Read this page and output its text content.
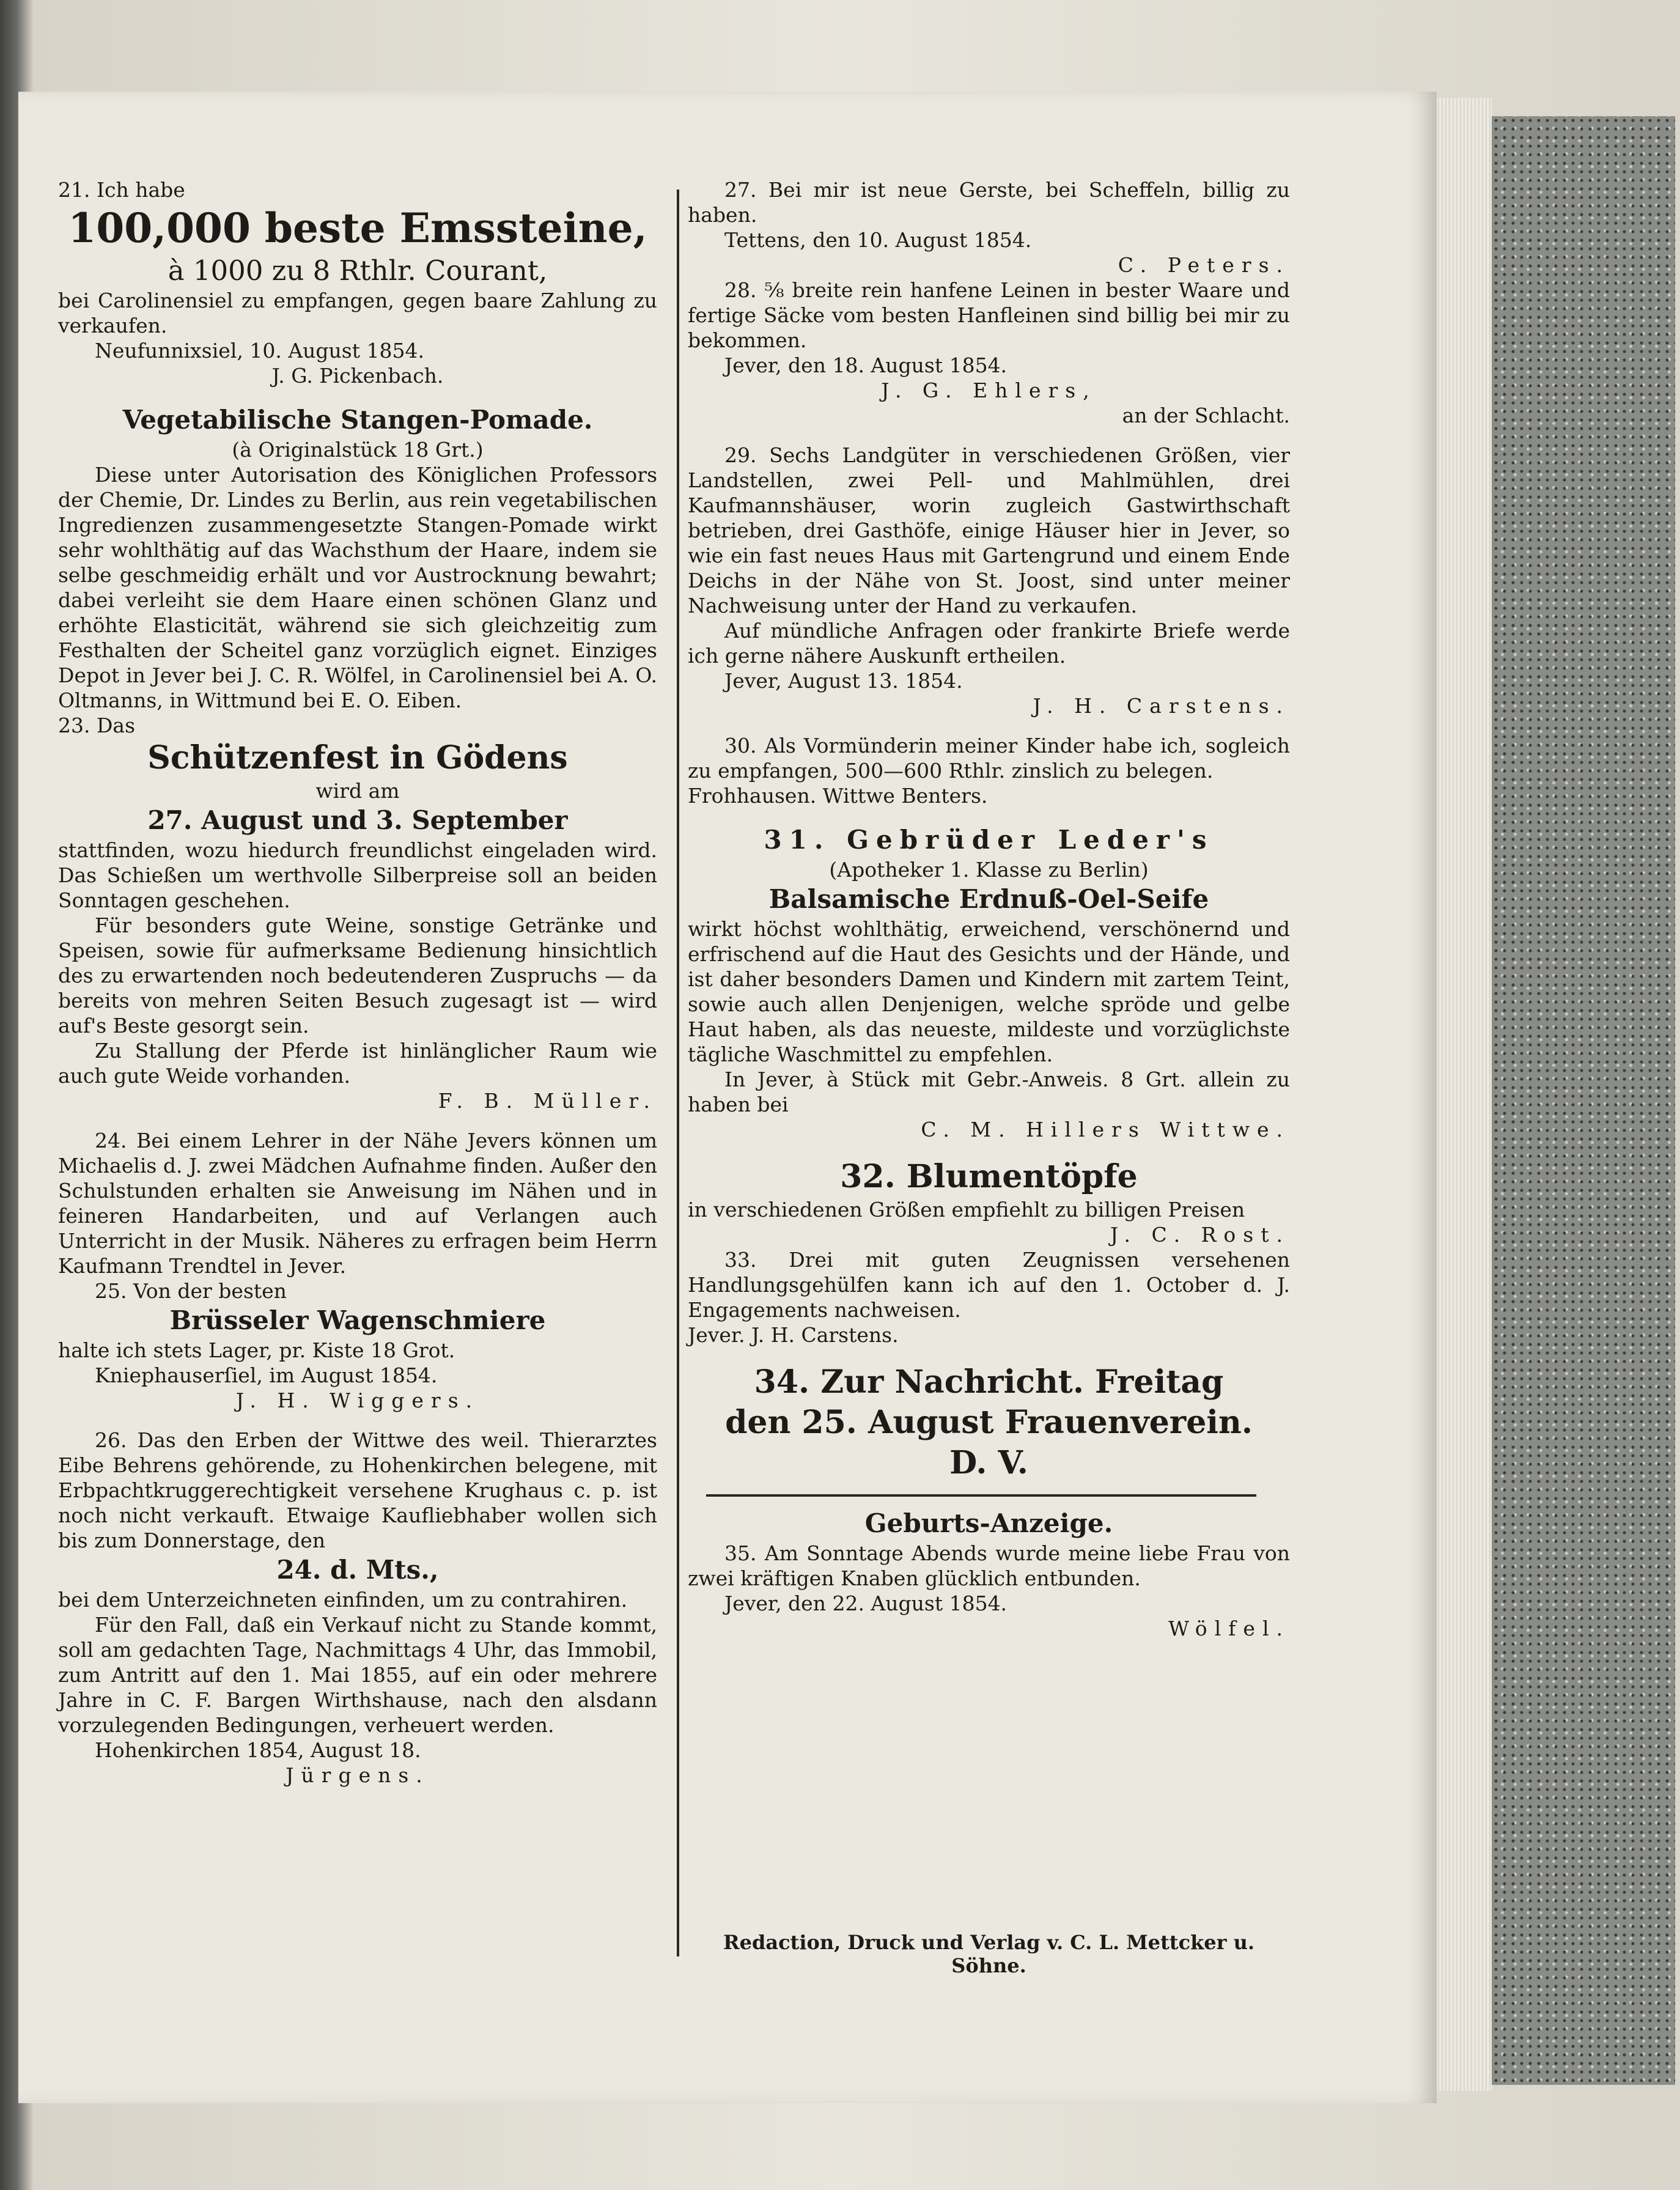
21. Ich habe
100,000 beste Emssteine,
à 1000 zu 8 Rthlr. Courant,
bei Carolinensiel zu empfangen, gegen baare Zahlung zu verkaufen.
Neufunnixsiel, 10. August 1854.
J. G. Pickenbach.
Vegetabilische Stangen-Pomade.
(à Originalstück 18 Grt.)
Diese unter Autorisation des Königlichen Professors der Chemie, Dr. Lindes zu Berlin, aus rein vegetabilischen Ingredienzen zusammengesetzte Stangen-Pomade wirkt sehr wohlthätig auf das Wachsthum der Haare, indem sie selbe geschmeidig erhält und vor Austrocknung bewahrt; dabei verleiht sie dem Haare einen schönen Glanz und erhöhte Elasticität, während sie sich gleichzeitig zum Festhalten der Scheitel ganz vorzüglich eignet. Einziges Depot in Jever bei J. C. R. Wölfel, in Carolinensiel bei A. O. Oltmanns, in Wittmund bei E. O. Eiben.
23. Das
Schützenfest in Gödens
wird am
27. August und 3. September
stattfinden, wozu hiedurch freundlichst eingeladen wird. Das Schießen um werthvolle Silberpreise soll an beiden Sonntagen geschehen.
Für besonders gute Weine, sonstige Getränke und Speisen, sowie für aufmerksame Bedienung hinsichtlich des zu erwartenden noch bedeutenderen Zuspruchs — da bereits von mehren Seiten Besuch zugesagt ist — wird auf's Beste gesorgt sein.
Zu Stallung der Pferde ist hinlänglicher Raum wie auch gute Weide vorhanden.
F. B. Müller.
24. Bei einem Lehrer in der Nähe Jevers können um Michaelis d. J. zwei Mädchen Aufnahme finden. Außer den Schulstunden erhalten sie Anweisung im Nähen und in feineren Handarbeiten, und auf Verlangen auch Unterricht in der Musik. Näheres zu erfragen beim Herrn Kaufmann Trendtel in Jever.
25. Von der besten
Brüsseler Wagenschmiere
halte ich stets Lager, pr. Kiste 18 Grot.
Kniephauserſiel, im August 1854.
J. H. Wiggers.
26. Das den Erben der Wittwe des weil. Thierarztes Eibe Behrens gehörende, zu Hohenkirchen belegene, mit Erbpachtkruggerechtigkeit versehene Krughaus c. p. ist noch nicht verkauft. Etwaige Kaufliebhaber wollen sich bis zum Donnerstage, den
24. d. Mts.,
bei dem Unterzeichneten einfinden, um zu contrahiren.
Für den Fall, daß ein Verkauf nicht zu Stande kommt, soll am gedachten Tage, Nachmittags 4 Uhr, das Immobil, zum Antritt auf den 1. Mai 1855, auf ein oder mehrere Jahre in C. F. Bargen Wirthshause, nach den alsdann vorzulegenden Bedingungen, verheuert werden.
Hohenkirchen 1854, August 18.
Jürgens.
27. Bei mir ist neue Gerste, bei Scheffeln, billig zu haben.
Tettens, den 10. August 1854.
C. Peters.
28. ⅝ breite rein hanfene Leinen in bester Waare und fertige Säcke vom besten Hanfleinen sind billig bei mir zu bekommen.
Jever, den 18. August 1854.
J. G. Ehlers,
an der Schlacht.
29. Sechs Landgüter in verschiedenen Größen, vier Landstellen, zwei Pell- und Mahlmühlen, drei Kaufmannshäuser, worin zugleich Gastwirthschaft betrieben, drei Gasthöfe, einige Häuser hier in Jever, so wie ein fast neues Haus mit Gartengrund und einem Ende Deichs in der Nähe von St. Joost, sind unter meiner Nachweisung unter der Hand zu verkaufen.
Auf mündliche Anfragen oder frankirte Briefe werde ich gerne nähere Auskunft ertheilen.
Jever, August 13. 1854.
J. H. Carstens.
30. Als Vormünderin meiner Kinder habe ich, sogleich zu empfangen, 500—600 Rthlr. zinslich zu belegen.
Frohhausen. Wittwe Benters.
31. Gebrüder Leder's
(Apotheker 1. Klasse zu Berlin)
Balsamische Erdnuß-Oel-Seife
wirkt höchst wohlthätig, erweichend, verschönernd und erfrischend auf die Haut des Gesichts und der Hände, und ist daher besonders Damen und Kindern mit zartem Teint, sowie auch allen Denjenigen, welche spröde und gelbe Haut haben, als das neueste, mildeste und vorzüglichste tägliche Waschmittel zu empfehlen.
In Jever, à Stück mit Gebr.-Anweis. 8 Grt. allein zu haben bei
C. M. Hillers Wittwe.
32. Blumentöpfe
in verschiedenen Größen empfiehlt zu billigen Preisen
J. C. Rost.
33. Drei mit guten Zeugnissen versehenen Handlungsgehülfen kann ich auf den 1. October d. J. Engagements nachweisen.
Jever. J. H. Carstens.
34. Zur Nachricht. Freitag
den 25. August Frauenverein.
D. V.
Geburts-Anzeige.
35. Am Sonntage Abends wurde meine liebe Frau von zwei kräftigen Knaben glücklich entbunden.
Jever, den 22. August 1854.
Wölfel.
Redaction, Druck und Verlag v. C. L. Mettcker u. Söhne.
